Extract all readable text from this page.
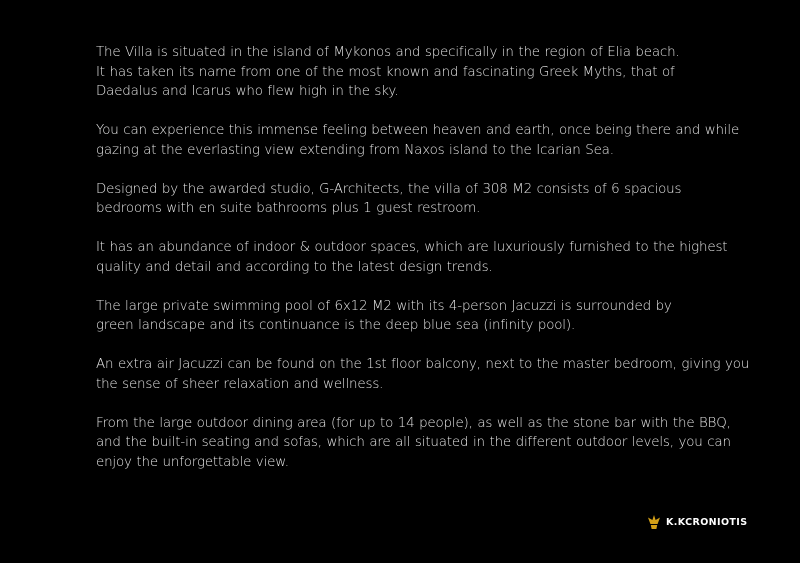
The Villa is situated in the island of Mykonos and specifically in the region of Elia beach.
It has taken its name from one of the most known and fascinating Greek Myths, that of
Daedalus and Icarus who flew high in the sky.

You can experience this immense feeling between heaven and earth, once being there and while
gazing at the everlasting view extending from Naxos island to the Icarian Sea.

Designed by the awarded studio, G-Architects, the villa of 308 M2 consists of 6 spacious
bedrooms with en suite bathrooms plus 1 guest restroom.

It has an abundance of indoor & outdoor spaces, which are luxuriously furnished to the highest
quality and detail and according to the latest design trends.

The large private swimming pool of 6x12 M2 with its 4-person Jacuzzi is surrounded by
green landscape and its continuance is the deep blue sea (infinity pool).

An extra air Jacuzzi can be found on the 1st floor balcony, next to the master bedroom, giving you
the sense of sheer relaxation and wellness.

From the large outdoor dining area (for up to 14 people), as well as the stone bar with the BBQ,
and the built-in seating and sofas, which are all situated in the different outdoor levels, you can
enjoy the unforgettable view.

K.KCRONIOTIS
